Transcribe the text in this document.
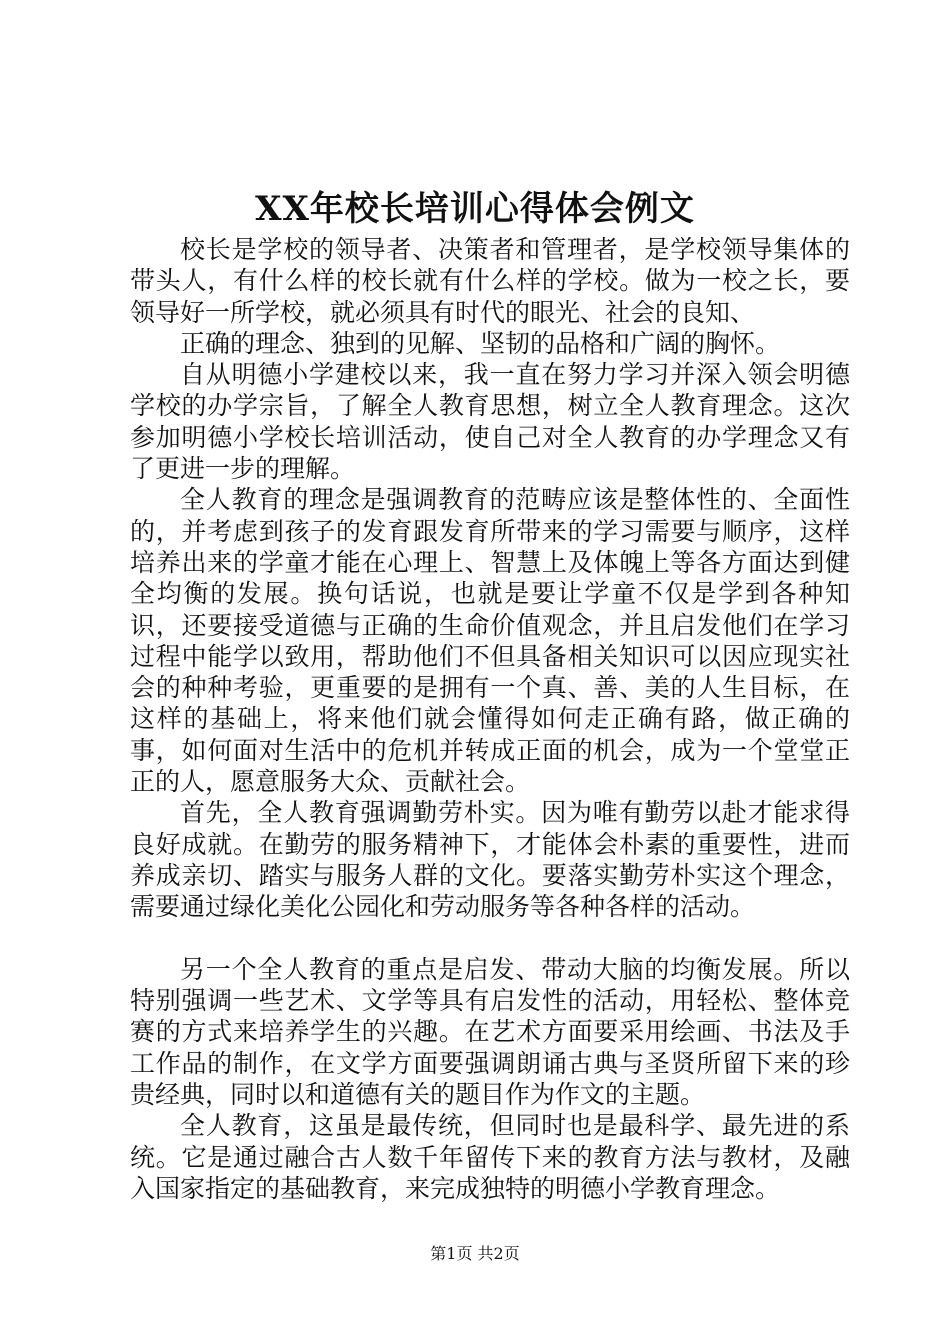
XX年校长培训心得体会例文

校长是学校的领导者、决策者和管理者，是学校领导集体的带头人，有什么样的校长就有什么样的学校。做为一校之长，要领导好一所学校，就必须具有时代的眼光、社会的良知、

正确的理念、独到的见解、坚韧的品格和广阔的胸怀。

自从明德小学建校以来，我一直在努力学习并深入领会明德学校的办学宗旨，了解全人教育思想，树立全人教育理念。这次参加明德小学校长培训活动，使自己对全人教育的办学理念又有了更进一步的理解。

全人教育的理念是强调教育的范畴应该是整体性的、全面性的，并考虑到孩子的发育跟发育所带来的学习需要与顺序，这样培养出来的学童才能在心理上、智慧上及体魄上等各方面达到健全均衡的发展。换句话说，也就是要让学童不仅是学到各种知识，还要接受道德与正确的生命价值观念，并且启发他们在学习过程中能学以致用，帮助他们不但具备相关知识可以因应现实社会的种种考验，更重要的是拥有一个真、善、美的人生目标，在这样的基础上，将来他们就会懂得如何走正确有路，做正确的事，如何面对生活中的危机并转成正面的机会，成为一个堂堂正正的人，愿意服务大众、贡献社会。

首先，全人教育强调勤劳朴实。因为唯有勤劳以赴才能求得良好成就。在勤劳的服务精神下，才能体会朴素的重要性，进而养成亲切、踏实与服务人群的文化。要落实勤劳朴实这个理念，需要通过绿化美化公园化和劳动服务等各种各样的活动。

另一个全人教育的重点是启发、带动大脑的均衡发展。所以特别强调一些艺术、文学等具有启发性的活动，用轻松、整体竞赛的方式来培养学生的兴趣。在艺术方面要采用绘画、书法及手工作品的制作，在文学方面要强调朗诵古典与圣贤所留下来的珍贵经典，同时以和道德有关的题目作为作文的主题。

全人教育，这虽是最传统，但同时也是最科学、最先进的系统。它是通过融合古人数千年留传下来的教育方法与教材，及融入国家指定的基础教育，来完成独特的明德小学教育理念。

第1页 共2页
